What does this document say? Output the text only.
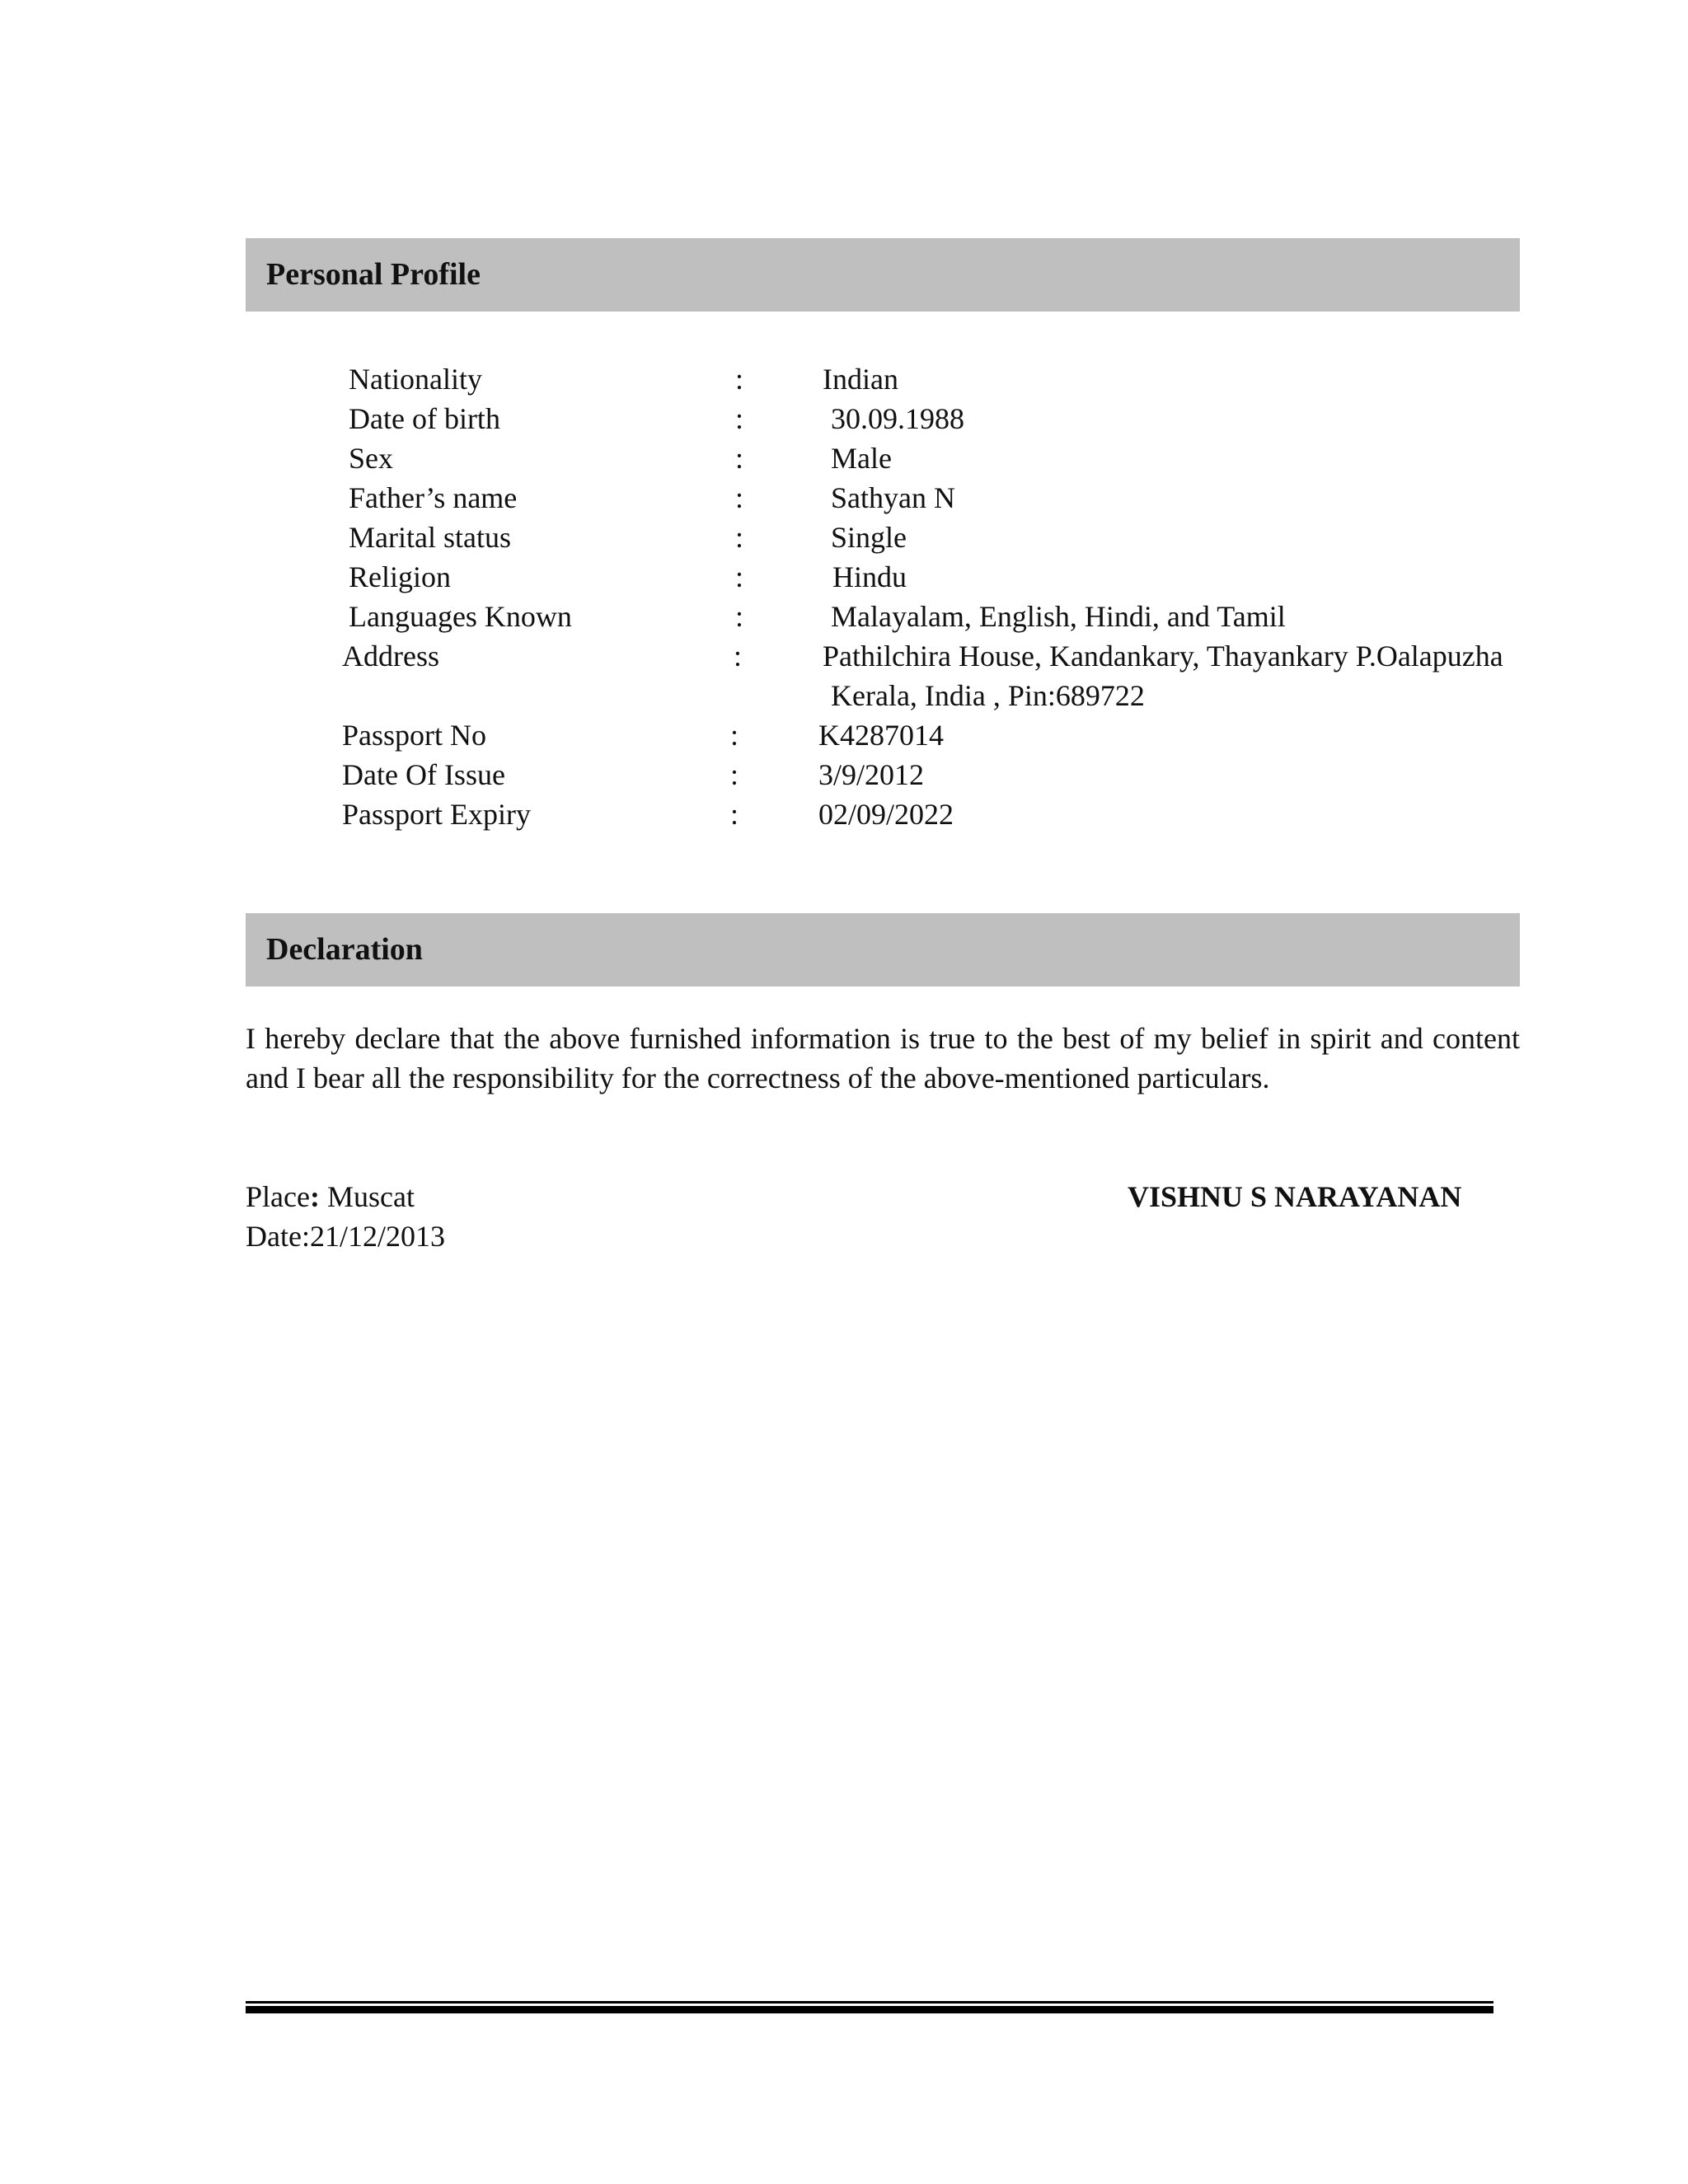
Personal Profile
Nationality	:	Indian
Date of birth	:	30.09.1988
Sex	:	Male
Father’s name	:	Sathyan N
Marital status	:	Single
Religion	:	Hindu
Languages Known	:	Malayalam, English, Hindi, and Tamil
Address	:	Pathilchira House, Kandankary, Thayankary P.Oalapuzha
Kerala, India , Pin:689722
Passport No	:	K4287014
Date Of Issue	:	3/9/2012
Passport Expiry	:	02/09/2022
Declaration

I hereby declare that the above furnished information is true to the best of my belief in spirit and content and I bear all the responsibility for the correctness of the above-mentioned particulars.

Place: Muscat
Date:21/12/2013
VISHNU S NARAYANAN
